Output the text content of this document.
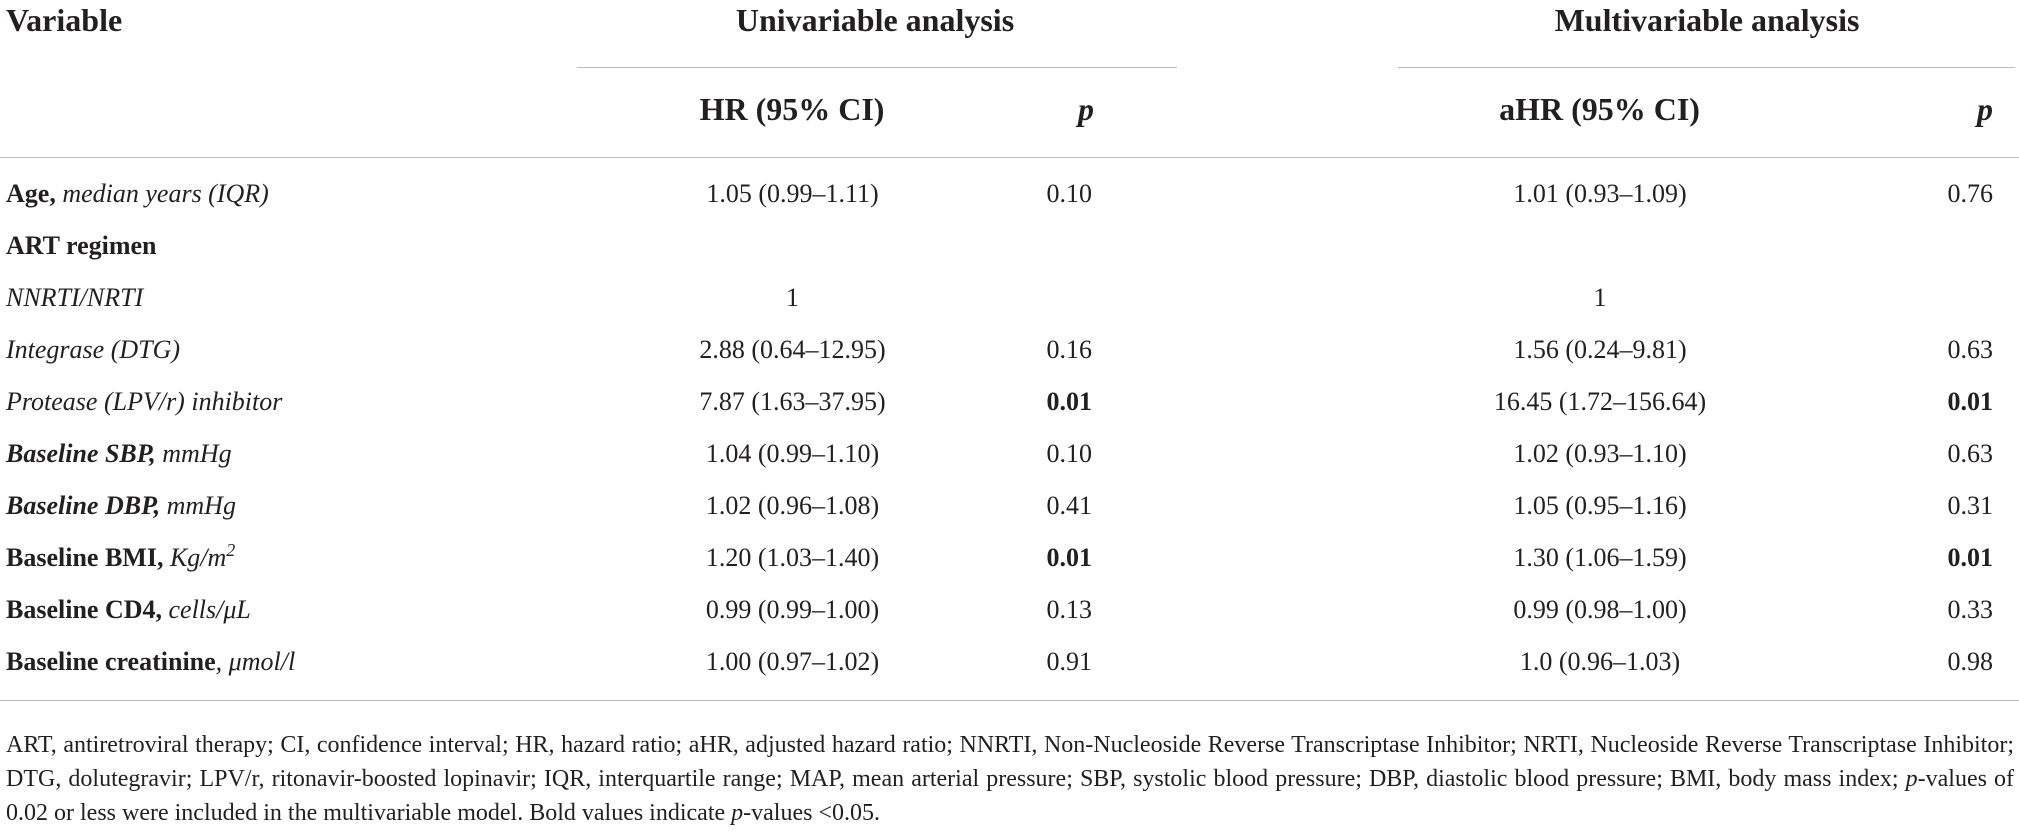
Variable	Univariable analysis			Multivariable analysis	
	HR (95% CI)	p		aHR (95% CI)	p
Age, median years (IQR)	1.05 (0.99–1.11)	0.10		1.01 (0.93–1.09)	0.76
ART regimen					
NNRTI/NRTI	1			1	
Integrase (DTG)	2.88 (0.64–12.95)	0.16		1.56 (0.24–9.81)	0.63
Protease (LPV/r) inhibitor	7.87 (1.63–37.95)	0.01		16.45 (1.72–156.64)	0.01
Baseline SBP, mmHg	1.04 (0.99–1.10)	0.10		1.02 (0.93–1.10)	0.63
Baseline DBP, mmHg	1.02 (0.96–1.08)	0.41		1.05 (0.95–1.16)	0.31
Baseline BMI, $Kg/m^2$	1.20 (1.03–1.40)	0.01		1.30 (1.06–1.59)	0.01
Baseline CD4, cells/μL	0.99 (0.99–1.00)	0.13		0.99 (0.98–1.00)	0.33
Baseline creatinine, μmol/l	1.00 (0.97–1.02)	0.91		1.0 (0.96–1.03)	0.98
ART, antiretroviral therapy; CI, confidence interval; HR, hazard ratio; aHR, adjusted hazard ratio; NNRTI, Non-Nucleoside Reverse Transcriptase Inhibitor; NRTI, Nucleoside Reverse Transcriptase Inhibitor; DTG, dolutegravir; LPV/r, ritonavir-boosted lopinavir; IQR, interquartile range; MAP, mean arterial pressure; SBP, systolic blood pressure; DBP, diastolic blood pressure; BMI, body mass index; p-values of 0.02 or less were included in the multivariable model. Bold values indicate p-values <0.05.
